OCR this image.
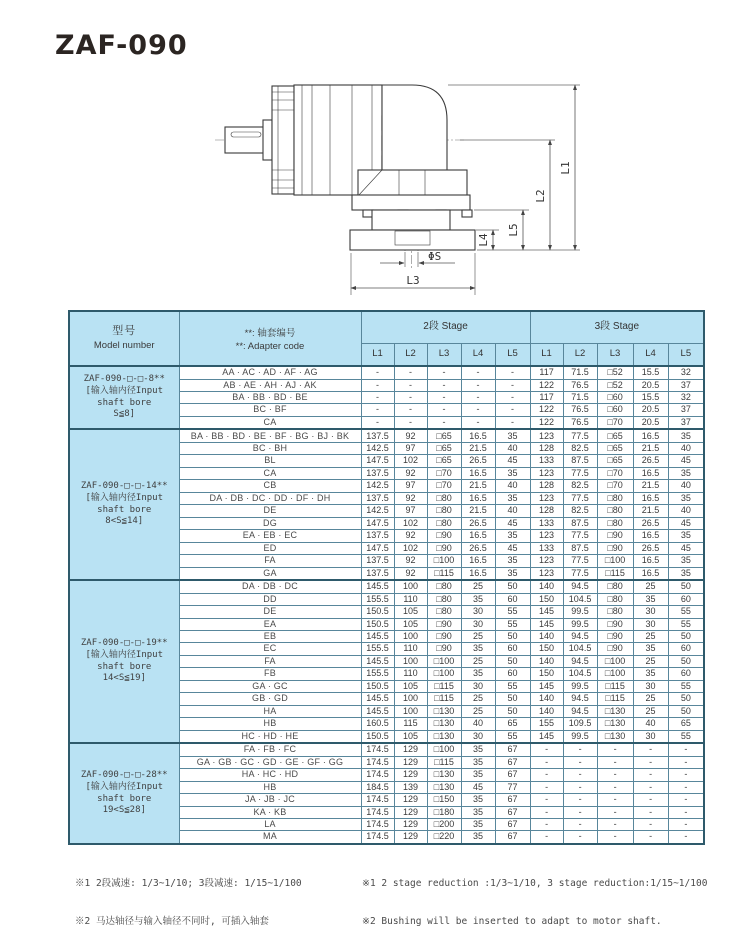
ZAF-090
L1
L2
L5
L4
ΦS
L3
型号
Model number

**: 轴套编号
**: Adapter code
	2段 Stage	3段 Stage
		L1	L2	L3	L4	L5	L1	L2	L3	L4	L5

ZAF-090-□-□-8**
[输入轴内径Input
shaft bore
S≦8]	AA · AC · AD · AF · AG	-	-	-	-	-	117	71.5	□52	15.5	32
	AB · AE · AH · AJ · AK	-	-	-	-	-	122	76.5	□52	20.5	37
	BA · BB · BD · BE	-	-	-	-	-	117	71.5	□60	15.5	32
	BC · BF	-	-	-	-	-	122	76.5	□60	20.5	37
	CA	-	-	-	-	-	122	76.5	□70	20.5	37

ZAF-090-□-□-14**
[输入轴内径Input
shaft bore
8<S≦14]	BA · BB · BD · BE · BF · BG · BJ · BK	137.5	92	□65	16.5	35	123	77.5	□65	16.5	35
	BC · BH	142.5	97	□65	21.5	40	128	82.5	□65	21.5	40
	BL	147.5	102	□65	26.5	45	133	87.5	□65	26.5	45
	CA	137.5	92	□70	16.5	35	123	77.5	□70	16.5	35
	CB	142.5	97	□70	21.5	40	128	82.5	□70	21.5	40
	DA · DB · DC · DD · DF · DH	137.5	92	□80	16.5	35	123	77.5	□80	16.5	35
	DE	142.5	97	□80	21.5	40	128	82.5	□80	21.5	40
	DG	147.5	102	□80	26.5	45	133	87.5	□80	26.5	45
	EA · EB · EC	137.5	92	□90	16.5	35	123	77.5	□90	16.5	35
	ED	147.5	102	□90	26.5	45	133	87.5	□90	26.5	45
	FA	137.5	92	□100	16.5	35	123	77.5	□100	16.5	35
	GA	137.5	92	□115	16.5	35	123	77.5	□115	16.5	35

ZAF-090-□-□-19**
[输入轴内径Input
shaft bore
14<S≦19]	DA · DB · DC	145.5	100	□80	25	50	140	94.5	□80	25	50
	DD	155.5	110	□80	35	60	150	104.5	□80	35	60
	DE	150.5	105	□80	30	55	145	99.5	□80	30	55
	EA	150.5	105	□90	30	55	145	99.5	□90	30	55
	EB	145.5	100	□90	25	50	140	94.5	□90	25	50
	EC	155.5	110	□90	35	60	150	104.5	□90	35	60
	FA	145.5	100	□100	25	50	140	94.5	□100	25	50
	FB	155.5	110	□100	35	60	150	104.5	□100	35	60
	GA · GC	150.5	105	□115	30	55	145	99.5	□115	30	55
	GB · GD	145.5	100	□115	25	50	140	94.5	□115	25	50
	HA	145.5	100	□130	25	50	140	94.5	□130	25	50
	HB	160.5	115	□130	40	65	155	109.5	□130	40	65
	HC · HD · HE	150.5	105	□130	30	55	145	99.5	□130	30	55

ZAF-090-□-□-28**
[输入轴内径Input
shaft bore
19<S≦28]	FA · FB · FC	174.5	129	□100	35	67	-	-	-	-	-
	GA · GB · GC · GD · GE · GF · GG	174.5	129	□115	35	67	-	-	-	-	-
	HA · HC · HD	174.5	129	□130	35	67	-	-	-	-	-
	HB	184.5	139	□130	45	77	-	-	-	-	-
	JA · JB · JC	174.5	129	□150	35	67	-	-	-	-	-
	KA · KB	174.5	129	□180	35	67	-	-	-	-	-
	LA	174.5	129	□200	35	67	-	-	-	-	-
	MA	174.5	129	□220	35	67	-	-	-	-	-

※1 2段减速: 1/3~1/10; 3段减速: 1/15~1/100

※2 马达轴径与输入轴径不同时, 可插入轴套

※1 2 stage reduction :1/3~1/10, 3 stage reduction:1/15~1/100

※2 Bushing will be inserted to adapt to motor shaft.
